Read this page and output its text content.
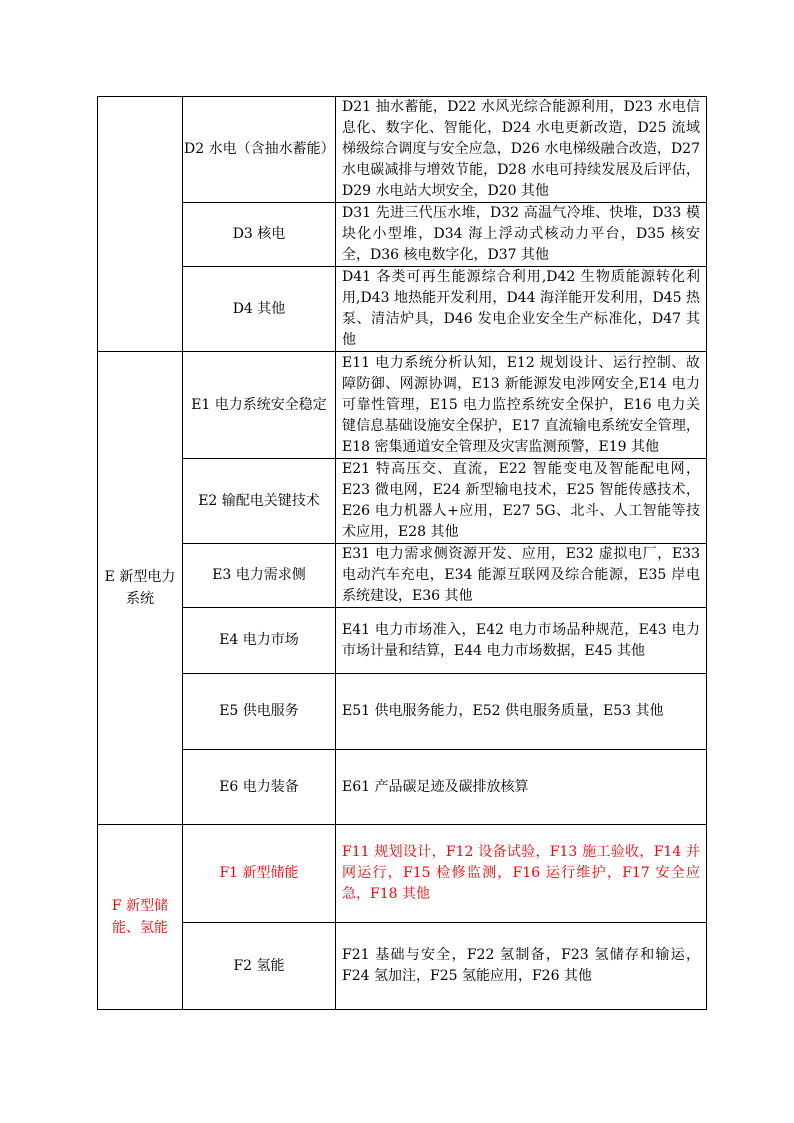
	D2 水电（含抽水蓄能）	D21 抽水蓄能，D22 水风光综合能源利用，D23 水电信息化、数字化、智能化，D24 水电更新改造，D25 流域梯级综合调度与安全应急，D26 水电梯级融合改造，D27 水电碳减排与增效节能，D28 水电可持续发展及后评估， D29 水电站大坝安全，D20 其他
	D3 核电	D31 先进三代压水堆，D32 高温气冷堆、快堆，D33 模块化小型堆，D34 海上浮动式核动力平台，D35 核安全，D36 核电数字化，D37 其他
	D4 其他	D41 各类可再生能源综合利用,D42 生物质能源转化利用,D43 地热能开发利用，D44 海洋能开发利用，D45 热泵、清洁炉具，D46 发电企业安全生产标准化，D47 其他
E 新型电力系统	E1 电力系统安全稳定	E11 电力系统分析认知，E12 规划设计、运行控制、故障防御、网源协调，E13 新能源发电涉网安全,E14 电力可靠性管理，E15 电力监控系统安全保护，E16 电力关键信息基础设施安全保护，E17 直流输电系统安全管理，E18 密集通道安全管理及灾害监测预警，E19 其他
	E2 输配电关键技术	E21 特高压交、直流，E22 智能变电及智能配电网，E23 微电网，E24 新型输电技术，E25 智能传感技术，E26 电力机器人+应用，E27 5G、北斗、人工智能等技术应用，E28 其他
	E3 电力需求侧	E31 电力需求侧资源开发、应用，E32 虚拟电厂，E33 电动汽车充电，E34 能源互联网及综合能源，E35 岸电系统建设，E36 其他
	E4 电力市场	E41 电力市场准入，E42 电力市场品种规范，E43 电力市场计量和结算，E44 电力市场数据，E45 其他
	E5 供电服务	E51 供电服务能力，E52 供电服务质量，E53 其他
	E6 电力装备	E61 产品碳足迹及碳排放核算
F 新型储能、氢能	F1 新型储能	F11 规划设计，F12 设备试验，F13 施工验收，F14 并网运行，F15 检修监测，F16 运行维护，F17 安全应急，F18 其他
	F2 氢能	F21 基础与安全，F22 氢制备，F23 氢储存和输运，F24 氢加注，F25 氢能应用，F26 其他
